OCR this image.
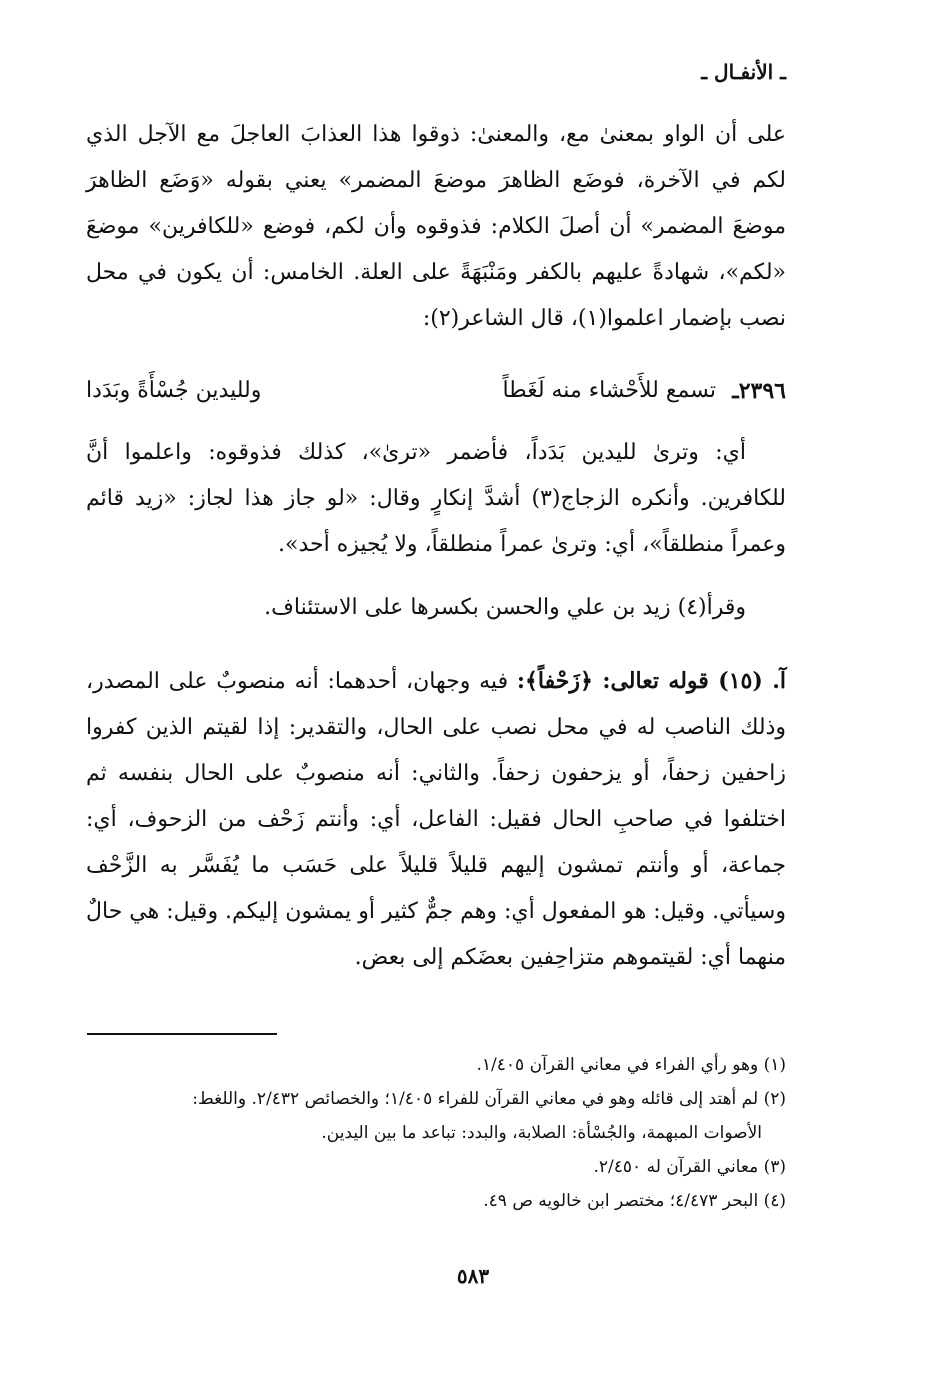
ـ الأنفـال ـ

على أن الواو بمعنىٰ مع، والمعنىٰ: ذوقوا هذا العذابَ العاجلَ مع الآجل الذي لكم في الآخرة، فوضَع الظاهرَ موضعَ المضمر» يعني بقوله «وَضَع الظاهرَ موضعَ المضمر» أن أصلَ الكلام: فذوقوه وأن لكم، فوضع «للكافرين» موضعَ «لكم»، شهادةً عليهم بالكفر ومَنْبَهَةً على العلة. الخامس: أن يكون في محل نصب بإضمار اعلموا(١)، قال الشاعر(٢):

٢٣٩٦ـ
تسمع للأَحْشاء منه لَغَطاً
ولليدين جُسْأَةً وبَدَدا

أي: وترىٰ لليدين بَدَداً، فأضمر «ترىٰ»، كذلك فذوقوه: واعلموا أنَّ للكافرين. وأنكره الزجاج(٣) أشدَّ إنكارٍ وقال: «لو جاز هذا لجاز: «زيد قائم وعمراً منطلقاً»، أي: وترىٰ عمراً منطلقاً، ولا يُجيزه أحد».

وقرأ(٤) زيد بن علي والحسن بكسرها على الاستئناف.

آ. (١٥) قوله تعالى: ﴿زَحْفاً﴾: فيه وجهان، أحدهما: أنه منصوبٌ على المصدر، وذلك الناصب له في محل نصب على الحال، والتقدير: إذا لقيتم الذين كفروا زاحفين زحفاً، أو يزحفون زحفاً. والثاني: أنه منصوبٌ على الحال بنفسه ثم اختلفوا في صاحبِ الحال فقيل: الفاعل، أي: وأنتم زَحْف من الزحوف، أي: جماعة، أو وأنتم تمشون إليهم قليلاً قليلاً على حَسَب ما يُفَسَّر به الزَّحْف وسيأتي. وقيل: هو المفعول أي: وهم جمٌّ كثير أو يمشون إليكم. وقيل: هي حالٌ منهما أي: لقيتموهم متزاحِفين بعضَكم إلى بعض.

(١) وهو رأي الفراء في معاني القرآن ١/٤٠٥.
(٢) لم أهتد إلى قائله وهو في معاني القرآن للفراء ١/٤٠٥؛ والخصائص ٢/٤٣٢. واللغط:
الأصوات المبهمة، والجُسْأة: الصلابة، والبدد: تباعد ما بين اليدين.
(٣) معاني القرآن له ٢/٤٥٠.
(٤) البحر ٤/٤٧٣؛ مختصر ابن خالويه ص ٤٩.
٥٨٣
